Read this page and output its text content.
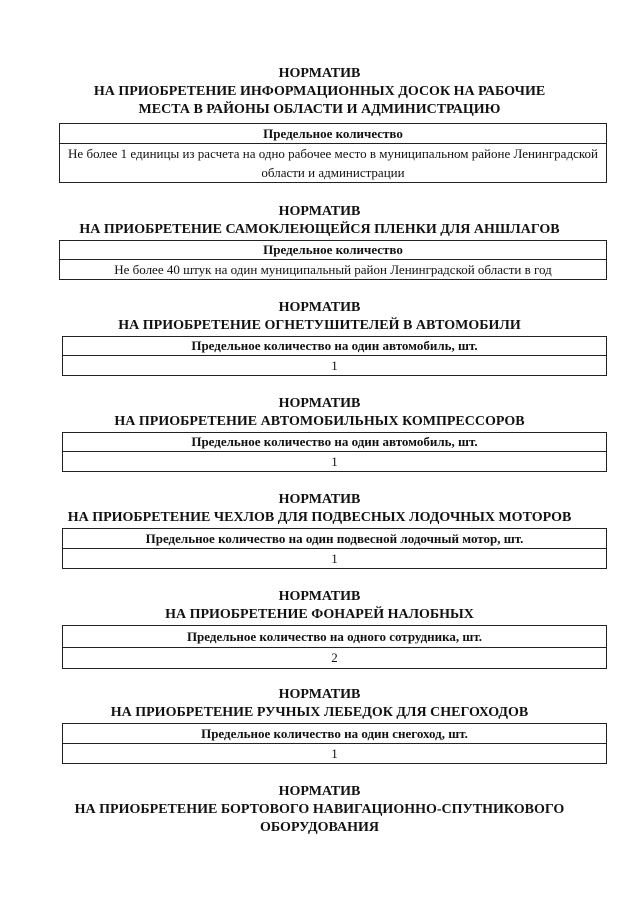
НОРМАТИВ
НА ПРИОБРЕТЕНИЕ ИНФОРМАЦИОННЫХ ДОСОК НА РАБОЧИЕ
МЕСТА В РАЙОНЫ ОБЛАСТИ И АДМИНИСТРАЦИЮ
Предельное количество
Не более 1 единицы из расчета на одно рабочее место в муниципальном районе Ленинградской области и администрации
НОРМАТИВ
НА ПРИОБРЕТЕНИЕ САМОКЛЕЮЩЕЙСЯ ПЛЕНКИ ДЛЯ АНШЛАГОВ
Предельное количество
Не более 40 штук на один муниципальный район Ленинградской области в год
НОРМАТИВ
НА ПРИОБРЕТЕНИЕ ОГНЕТУШИТЕЛЕЙ В АВТОМОБИЛИ
Предельное количество на один автомобиль, шт.
1
НОРМАТИВ
НА ПРИОБРЕТЕНИЕ АВТОМОБИЛЬНЫХ КОМПРЕССОРОВ
Предельное количество на один автомобиль, шт.
1
НОРМАТИВ
НА ПРИОБРЕТЕНИЕ ЧЕХЛОВ ДЛЯ ПОДВЕСНЫХ ЛОДОЧНЫХ МОТОРОВ
Предельное количество на один подвесной лодочный мотор, шт.
1
НОРМАТИВ
НА ПРИОБРЕТЕНИЕ ФОНАРЕЙ НАЛОБНЫХ
Предельное количество на одного сотрудника, шт.
2
НОРМАТИВ
НА ПРИОБРЕТЕНИЕ РУЧНЫХ ЛЕБЕДОК ДЛЯ СНЕГОХОДОВ
Предельное количество на один снегоход, шт.
1
НОРМАТИВ
НА ПРИОБРЕТЕНИЕ БОРТОВОГО НАВИГАЦИОННО-СПУТНИКОВОГО
ОБОРУДОВАНИЯ
